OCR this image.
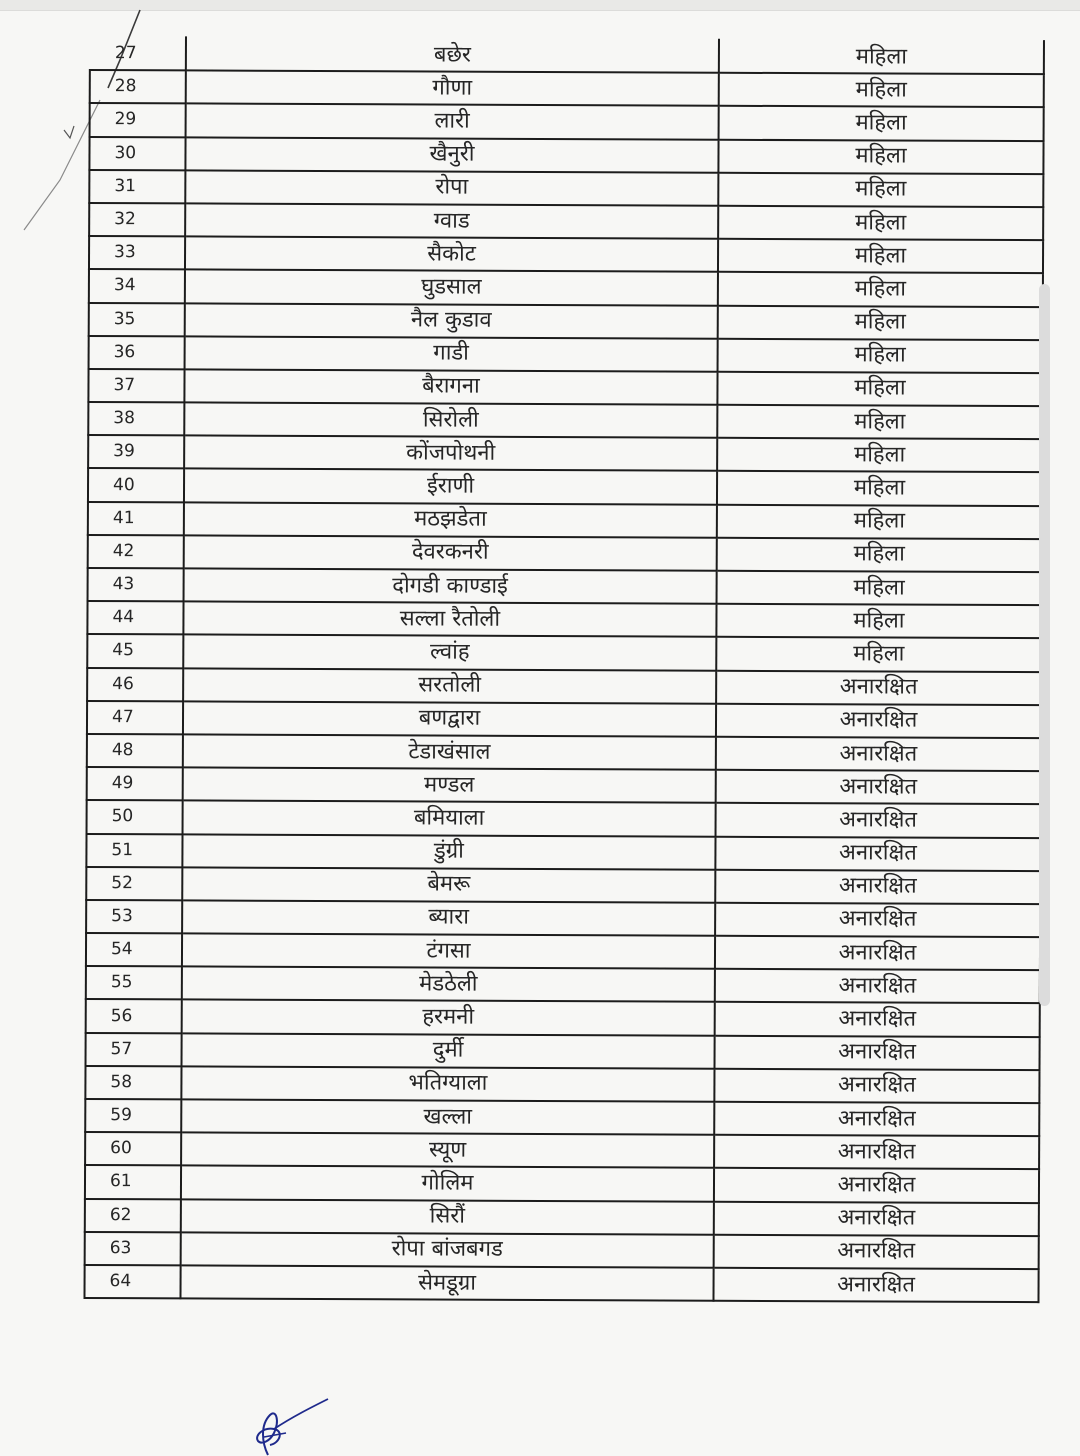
27	बछेर	महिला
28	गौणा	महिला
29	लारी	महिला
30	खैनुरी	महिला
31	रोपा	महिला
32	ग्वाड	महिला
33	सैकोट	महिला
34	घुडसाल	महिला
35	नैल कुडाव	महिला
36	गाडी	महिला
37	बैरागना	महिला
38	सिरोली	महिला
39	कोंजपोथनी	महिला
40	ईराणी	महिला
41	मठझडेता	महिला
42	देवरकनरी	महिला
43	दोगडी काण्डाई	महिला
44	सल्ला रैतोली	महिला
45	ल्वांह	महिला
46	सरतोली	अनारक्षित
47	बणद्वारा	अनारक्षित
48	टेडाखंसाल	अनारक्षित
49	मण्डल	अनारक्षित
50	बमियाला	अनारक्षित
51	डुंग्री	अनारक्षित
52	बेमरू	अनारक्षित
53	ब्यारा	अनारक्षित
54	टंगसा	अनारक्षित
55	मेडठेली	अनारक्षित
56	हरमनी	अनारक्षित
57	दुर्मी	अनारक्षित
58	भतिग्याला	अनारक्षित
59	खल्ला	अनारक्षित
60	स्यूण	अनारक्षित
61	गोलिम	अनारक्षित
62	सिरौं	अनारक्षित
63	रोपा बांजबगड	अनारक्षित
64	सेमडूग्रा	अनारक्षित
